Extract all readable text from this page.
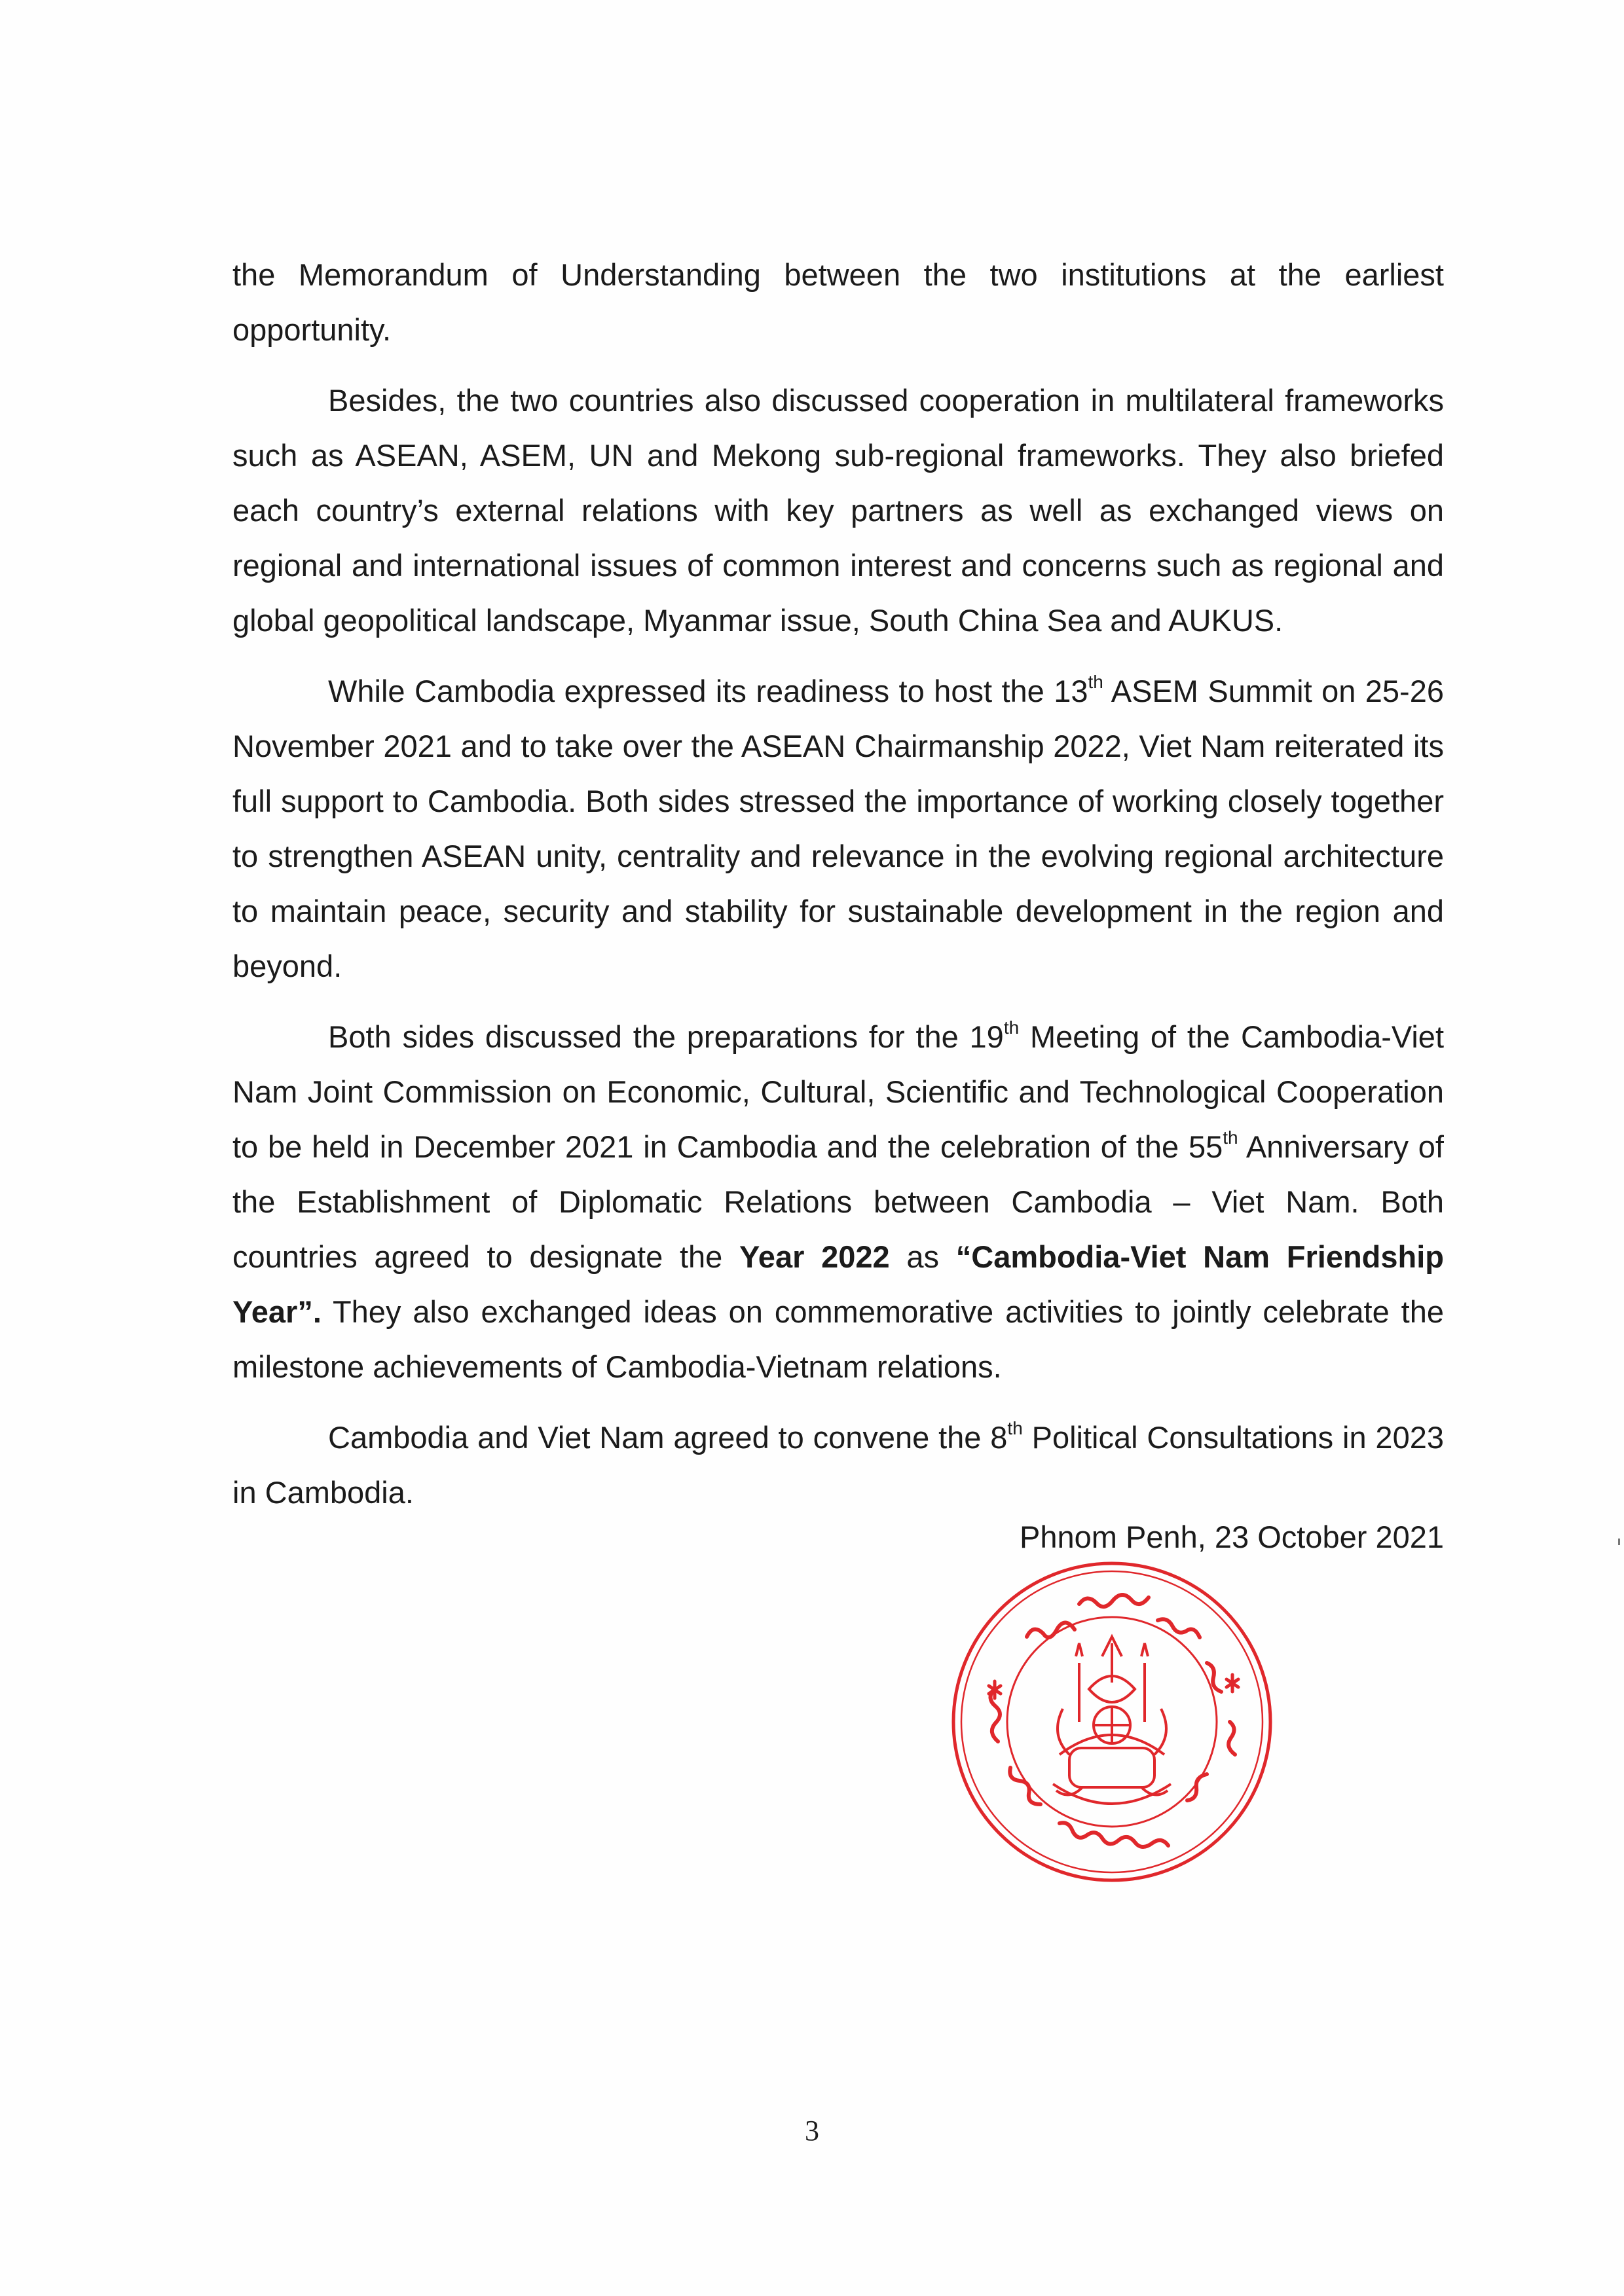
the Memorandum of Understanding between the two institutions at the earliest opportunity.

Besides, the two countries also discussed cooperation in multilateral frameworks such as ASEAN, ASEM, UN and Mekong sub-regional frameworks. They also briefed each country’s external relations with key partners as well as exchanged views on regional and international issues of common interest and concerns such as regional and global geopolitical landscape, Myanmar issue, South China Sea and AUKUS.

While Cambodia expressed its readiness to host the 13th ASEM Summit on 25-26 November 2021 and to take over the ASEAN Chairmanship 2022, Viet Nam reiterated its full support to Cambodia. Both sides stressed the importance of working closely together to strengthen ASEAN unity, centrality and relevance in the evolving regional architecture to maintain peace, security and stability for sustainable development in the region and beyond.

Both sides discussed the preparations for the 19th Meeting of the Cambodia-Viet Nam Joint Commission on Economic, Cultural, Scientific and Technological Cooperation to be held in December 2021 in Cambodia and the celebration of the 55th Anniversary of the Establishment of Diplomatic Relations between Cambodia – Viet Nam. Both countries agreed to designate the Year 2022 as “Cambodia-Viet Nam Friendship Year”. They also exchanged ideas on commemorative activities to jointly celebrate the milestone achievements of Cambodia-Vietnam relations.

Cambodia and Viet Nam agreed to convene the 8th Political Consultations in 2023 in Cambodia.

Phnom Penh, 23 October 2021
3
